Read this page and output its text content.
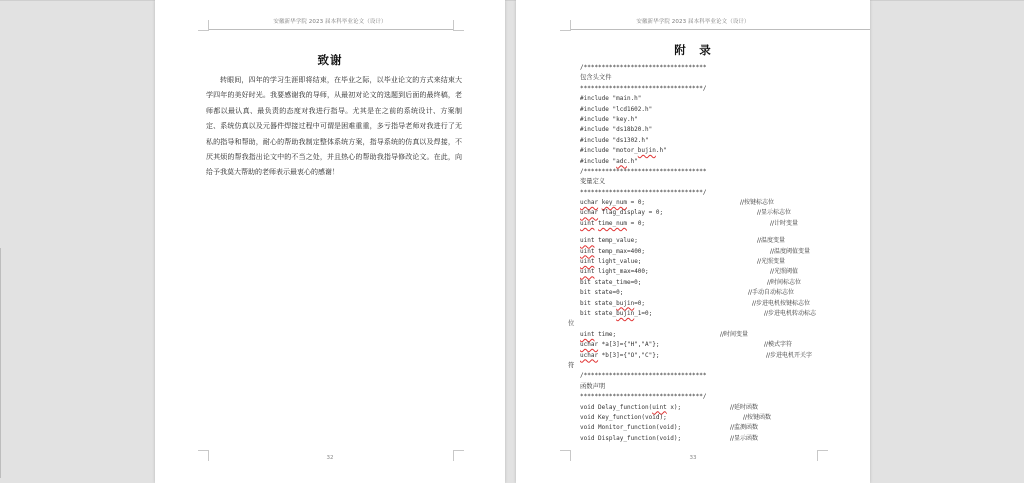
安徽新华学院 2023 届本科毕业论文（设计）
致谢
转眼间，四年的学习生涯即将结束，在毕业之际，以毕业论文的方式来结束大学四年的美好时光。我要感谢我的导师，从最初对论文的选题到后面的最终稿，老师都以最认真、最负责的态度对我进行指导。尤其是在之前的系统设计、方案制定、系统仿真以及元器件焊接过程中可谓是困难重重，多亏指导老师对我进行了无私的指导和帮助，耐心的帮助我制定整体系统方案，指导系统的仿真以及焊接，不厌其烦的帮我指出论文中的不当之处，并且热心的帮助我指导修改论文。在此，向给予我莫大帮助的老师表示最衷心的感谢！
32
安徽新华学院 2023 届本科毕业论文（设计）
附　录
/**********************************
包含头文件
**********************************/
#include "main.h"
#include "lcd1602.h"
#include "key.h"
#include "ds18b20.h"
#include "ds1302.h"
#include "motor_bujin.h"
#include "adc.h"
/**********************************
变量定义
**********************************/
uchar key_num = 0;	//按键标志位
uchar flag_display = 0;	//显示标志位
uint time_num = 0;	//计时变量
uint temp_value;	//温度变量
uint temp_max=400;	//温度阈值变量
uint light_value;	//光照变量
uint light_max=400;	//光照阈值
bit state_time=0;	//时间标志位
bit state=0;	//手动自动标志位
bit state_bujin=0;	//步进电机按键标志位
bit state_bujin_1=0;	//步进电机转动标志
位
uint time;	//时间变量
uchar *a[3]={"H","A"};	//模式字符
uchar *b[3]={"O","C"};	//步进电机开关字
符
/**********************************
函数声明
**********************************/
void Delay_function(uint x);	//延时函数
void Key_function(void);	//按键函数
void Monitor_function(void);	//监测函数
void Display_function(void);	//显示函数
33
